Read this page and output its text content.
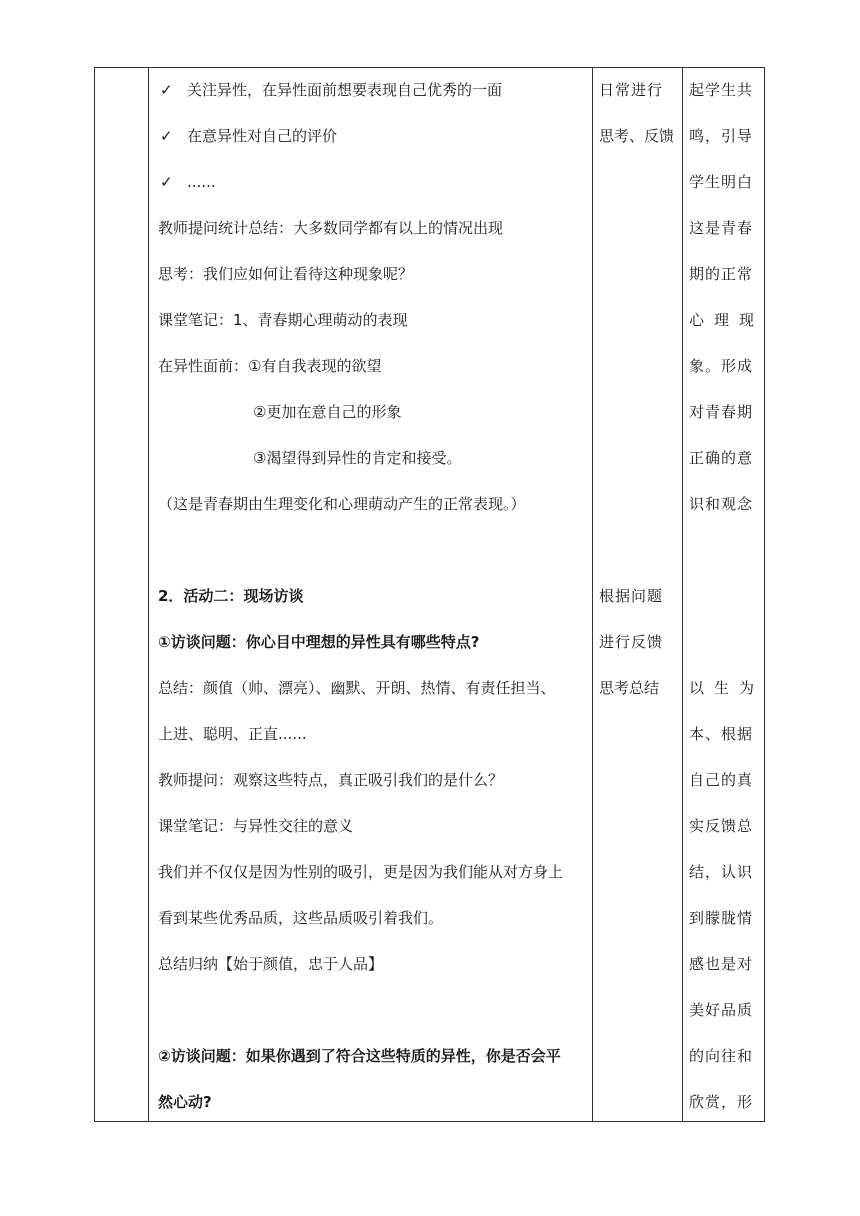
✓ 关注异性，在异性面前想要表现自己优秀的一面
✓ 在意异性对自己的评价
✓ ......
教师提问统计总结：大多数同学都有以上的情况出现
思考：我们应如何让看待这种现象呢？
课堂笔记：1、青春期心理萌动的表现
在异性面前：①有自我表现的欲望
②更加在意自己的形象
③渴望得到异性的肯定和接受。
（这是青春期由生理变化和心理萌动产生的正常表现。）
2．活动二：现场访谈
①访谈问题：你心目中理想的异性具有哪些特点?
总结：颜值（帅、漂亮）、幽默、开朗、热情、有责任担当、
上进、聪明、正直......
教师提问：观察这些特点，真正吸引我们的是什么？
课堂笔记：与异性交往的意义
我们并不仅仅是因为性别的吸引，更是因为我们能从对方身上
看到某些优秀品质，这些品质吸引着我们。
总结归纳【始于颜值，忠于人品】
②访谈问题：如果你遇到了符合这些特质的异性，你是否会平
然心动?
日常进行
思考、反馈
根据问题
进行反馈
思考总结
起学生共
鸣，引导
学生明白
这是青春
期的正常
心 理 现
象。形成
对青春期
正确的意
识和观念
以 生 为
本、根据
自己的真
实反馈总
结，认识
到朦胧情
感也是对
美好品质
的向往和
欣赏，形
